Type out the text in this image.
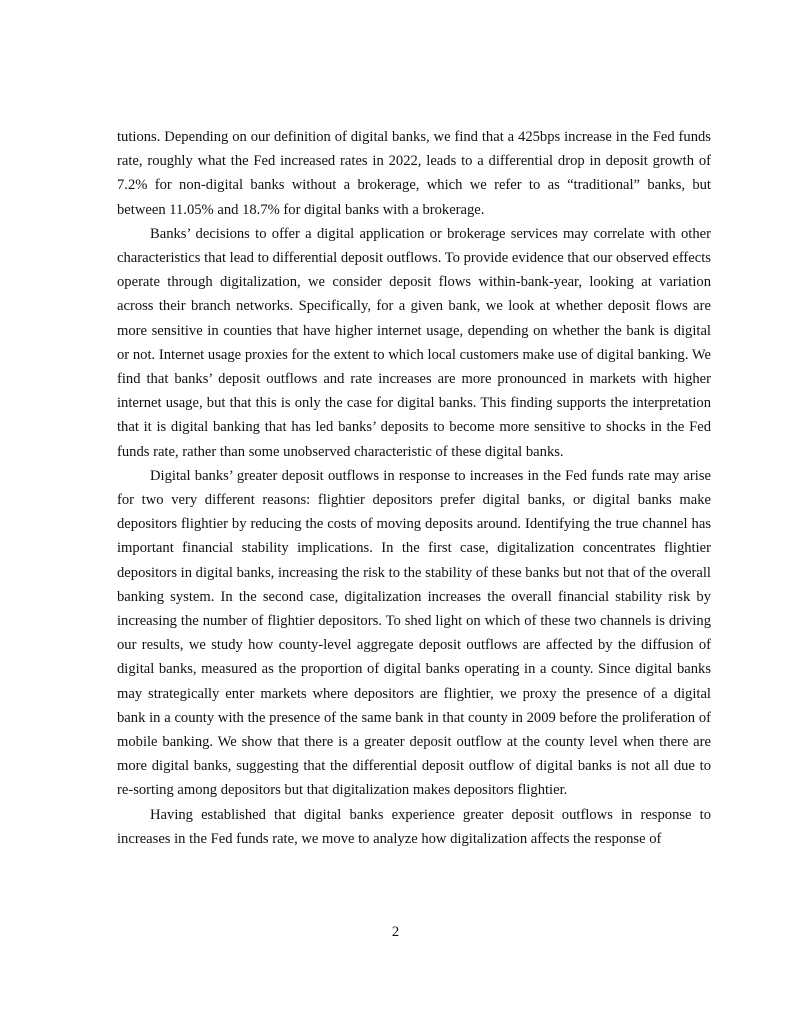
tutions. Depending on our definition of digital banks, we find that a 425bps increase in the Fed funds rate, roughly what the Fed increased rates in 2022, leads to a differential drop in deposit growth of 7.2% for non-digital banks without a brokerage, which we refer to as “traditional” banks, but between 11.05% and 18.7% for digital banks with a brokerage.

Banks’ decisions to offer a digital application or brokerage services may correlate with other characteristics that lead to differential deposit outflows. To provide evidence that our observed effects operate through digitalization, we consider deposit flows within-bank-year, looking at variation across their branch networks. Specifically, for a given bank, we look at whether deposit flows are more sensitive in counties that have higher internet usage, depending on whether the bank is digital or not. Internet usage proxies for the extent to which local customers make use of digital banking. We find that banks’ deposit outflows and rate increases are more pronounced in markets with higher internet usage, but that this is only the case for digital banks. This finding supports the interpretation that it is digital banking that has led banks’ deposits to become more sensitive to shocks in the Fed funds rate, rather than some unobserved characteristic of these digital banks.

Digital banks’ greater deposit outflows in response to increases in the Fed funds rate may arise for two very different reasons: flightier depositors prefer digital banks, or digital banks make depositors flightier by reducing the costs of moving deposits around. Identifying the true channel has important financial stability implications. In the first case, digitalization concentrates flightier depositors in digital banks, increasing the risk to the stability of these banks but not that of the overall banking system. In the second case, digitalization increases the overall financial stability risk by increasing the number of flightier depositors. To shed light on which of these two channels is driving our results, we study how county-level aggregate deposit outflows are affected by the diffusion of digital banks, measured as the proportion of digital banks operating in a county. Since digital banks may strategically enter markets where depositors are flightier, we proxy the presence of a digital bank in a county with the presence of the same bank in that county in 2009 before the proliferation of mobile banking. We show that there is a greater deposit outflow at the county level when there are more digital banks, suggesting that the differential deposit outflow of digital banks is not all due to re-sorting among depositors but that digitalization makes depositors flightier.

Having established that digital banks experience greater deposit outflows in response to increases in the Fed funds rate, we move to analyze how digitalization affects the response of

2
